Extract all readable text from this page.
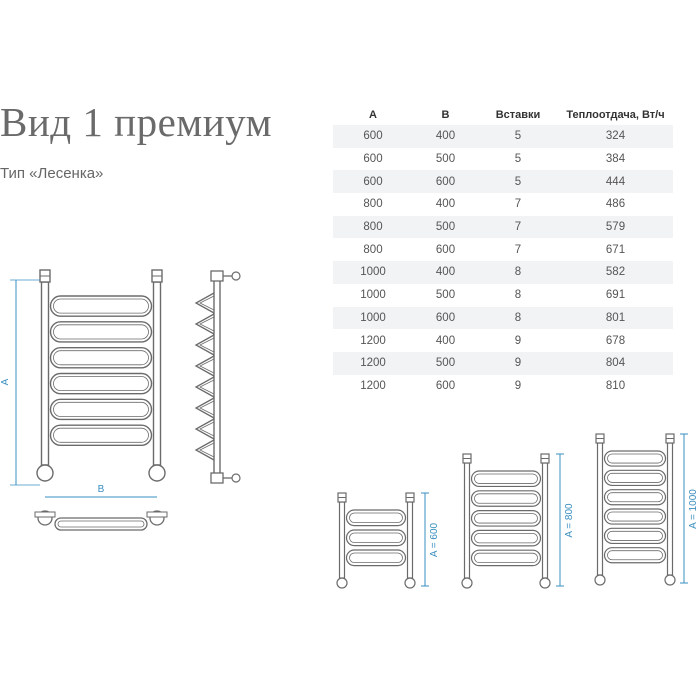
Вид 1 премиум
Тип «Лесенка»
A	B	Вставки	Теплоотдача, Вт/ч
600	400	5	324
600	500	5	384
600	600	5	444
800	400	7	486
800	500	7	579
800	600	7	671
1000	400	8	582
1000	500	8	691
1000	600	8	801
1200	400	9	678
1200	500	9	804
1200	600	9	810
A
B
A = 600
A = 800	A = 1000
